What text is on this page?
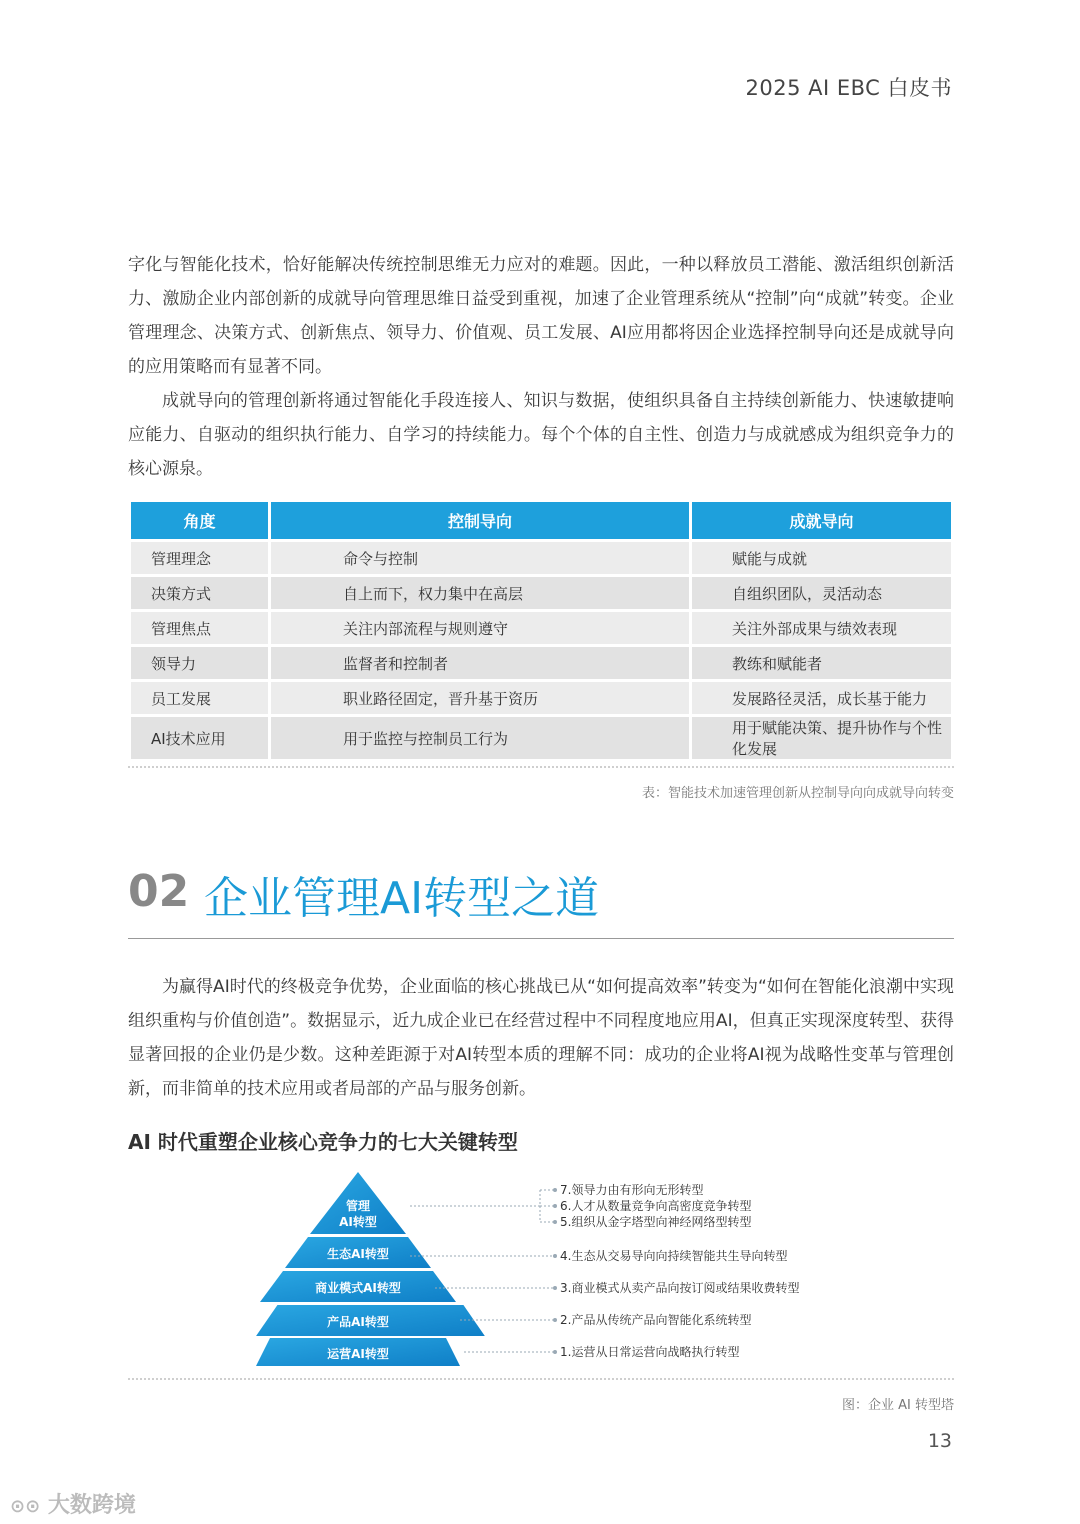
2025 AI EBC 白皮书

字化与智能化技术，恰好能解决传统控制思维无力应对的难题。因此，一种以释放员工潜能、激活组织创新活力、激励企业内部创新的成就导向管理思维日益受到重视，加速了企业管理系统从“控制”向“成就”转变。企业管理理念、决策方式、创新焦点、领导力、价值观、员工发展、AI应用都将因企业选择控制导向还是成就导向的应用策略而有显著不同。

成就导向的管理创新将通过智能化手段连接人、知识与数据，使组织具备自主持续创新能力、快速敏捷响应能力、自驱动的组织执行能力、自学习的持续能力。每个个体的自主性、创造力与成就感成为组织竞争力的核心源泉。

角度	控制导向	成就导向
管理理念	命令与控制	赋能与成就
决策方式	自上而下，权力集中在高层	自组织团队，灵活动态
管理焦点	关注内部流程与规则遵守	关注外部成果与绩效表现
领导力	监督者和控制者	教练和赋能者
员工发展	职业路径固定，晋升基于资历	发展路径灵活，成长基于能力
AI技术应用	用于监控与控制员工行为	用于赋能决策、提升协作与个性化发展
表：智能技术加速管理创新从控制导向向成就导向转变
02 企业管理AI转型之道

为赢得AI时代的终极竞争优势，企业面临的核心挑战已从“如何提高效率”转变为“如何在智能化浪潮中实现组织重构与价值创造”。数据显示，近九成企业已在经营过程中不同程度地应用AI，但真正实现深度转型、获得显著回报的企业仍是少数。这种差距源于对AI转型本质的理解不同：成功的企业将AI视为战略性变革与管理创新，而非简单的技术应用或者局部的产品与服务创新。

AI 时代重塑企业核心竞争力的七大关键转型
管理
AI转型
生态AI转型
商业模式AI转型
产品AI转型
运营AI转型
7.领导力由有形向无形转型
6.人才从数量竞争向高密度竞争转型
5.组织从金字塔型向神经网络型转型
4.生态从交易导向向持续智能共生导向转型
3.商业模式从卖产品向按订阅或结果收费转型
2.产品从传统产品向智能化系统转型
1.运营从日常运营向战略执行转型
图：企业 AI 转型塔
13
⊙⊙ 大数跨境
